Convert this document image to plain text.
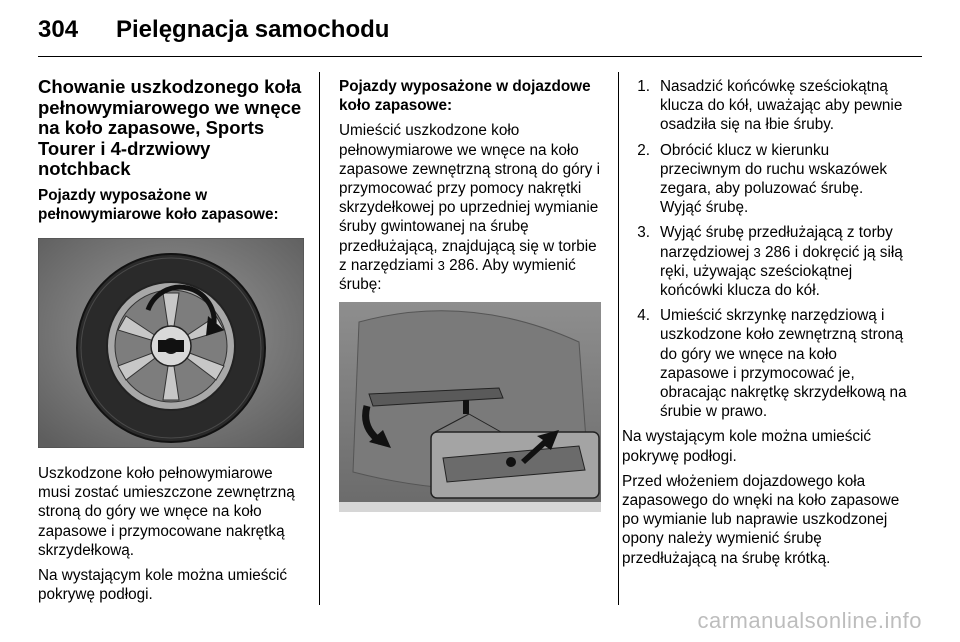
304 Pielęgnacja samochodu

Chowanie uszkodzonego koła pełnowymiarowego we wnęce na koło zapasowe, Sports Tourer i 4-drzwiowy notchback

Pojazdy wyposażone w pełnowymiarowe koło zapasowe:

Uszkodzone koło pełnowymiarowe musi zostać umieszczone zewnętrzną stroną do góry we wnęce na koło zapasowe i przymocowane nakrętką skrzydełkową.

Na wystającym kole można umieścić pokrywę podłogi.

Pojazdy wyposażone w dojazdowe koło zapasowe:

Umieścić uszkodzone koło pełnowymiarowe we wnęce na koło zapasowe zewnętrzną stroną do góry i przymocować przy pomocy nakrętki skrzydełkowej po uprzedniej wymianie śruby gwintowanej na śrubę przedłużającą, znajdującą się w torbie z narzędziami 3 286. Aby wymienić śrubę:

1. Nasadzić końcówkę sześciokątną klucza do kół, uważając aby pewnie osadziła się na łbie śruby.
2. Obrócić klucz w kierunku przeciwnym do ruchu wskazówek zegara, aby poluzować śrubę. Wyjąć śrubę.
3. Wyjąć śrubę przedłużającą z torby narzędziowej 3 286 i dokręcić ją siłą ręki, używając sześciokątnej końcówki klucza do kół.
4. Umieścić skrzynkę narzędziową i uszkodzone koło zewnętrzną stroną do góry we wnęce na koło zapasowe i przymocować je, obracając nakrętkę skrzydełkową na śrubie w prawo.

Na wystającym kole można umieścić pokrywę podłogi.

Przed włożeniem dojazdowego koła zapasowego do wnęki na koło zapasowe po wymianie lub naprawie uszkodzonej opony należy wymienić śrubę przedłużającą na śrubę krótką.

carmanualsonline.info
